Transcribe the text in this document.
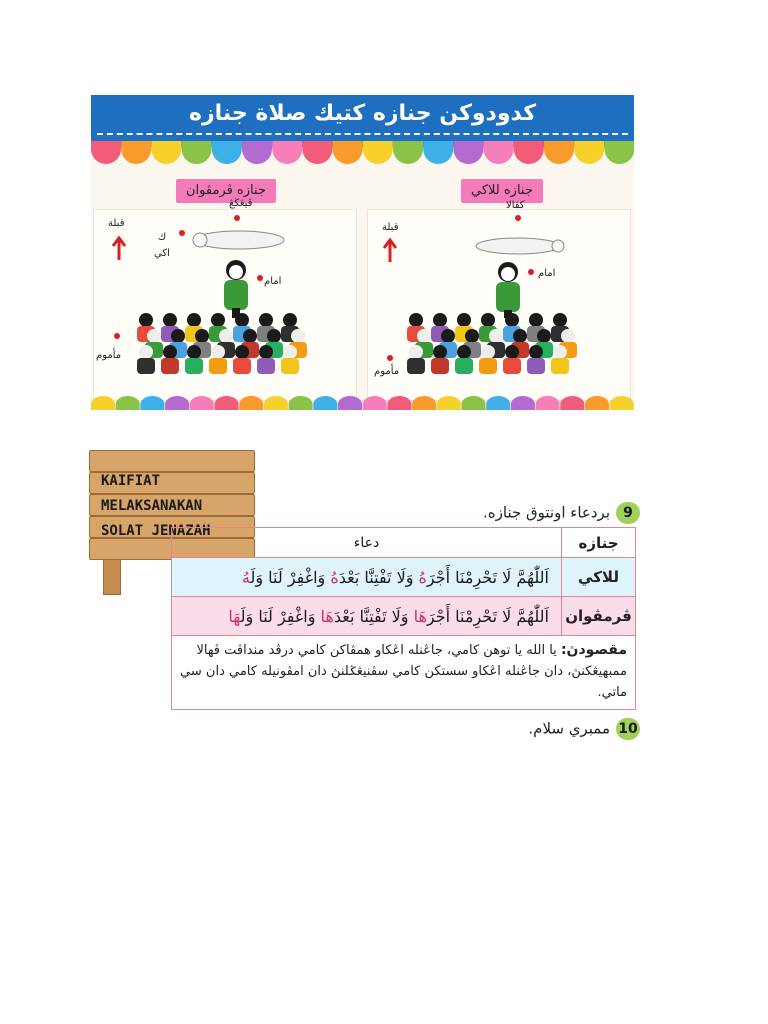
كدودوكن جنازه كتيك صلاة جنازه
جنازه ڤرمڤوان
قبلة
ڤيڠڬڠ
ك
اکي
امام
مأموم
جنازه للاكي
قبلة
كڤالا
امام
مأموم
KAIFIAT
MELAKSANAKAN
SOLAT JENAZAH
9بردعاء اونتوق جنازه.
جنازه
دعاء
للاكي
اَللّٰهُمَّ لَا تَحْرِمْنَا أَجْرَهُ وَلَا تَفْتِنَّا بَعْدَهُ وَاغْفِرْ لَنَا وَلَهُ
ڤرمڤوان
اَللّٰهُمَّ لَا تَحْرِمْنَا أَجْرَهَا وَلَا تَفْتِنَّا بَعْدَهَا وَاغْفِرْ لَنَا وَلَهَا
مقصودڽ: يا الله يا توهن كامي، جاڠنله اڠكاو همڤاكن كامي درڤد منداڤت ڤهالا ممبهيڠكنڽ، دان جاڠنله اڠكاو سستكن كامي سڤنيڠݢلنڽ دان امڤونيله كامي دان سي ماتي.
10ممبري سلام.
